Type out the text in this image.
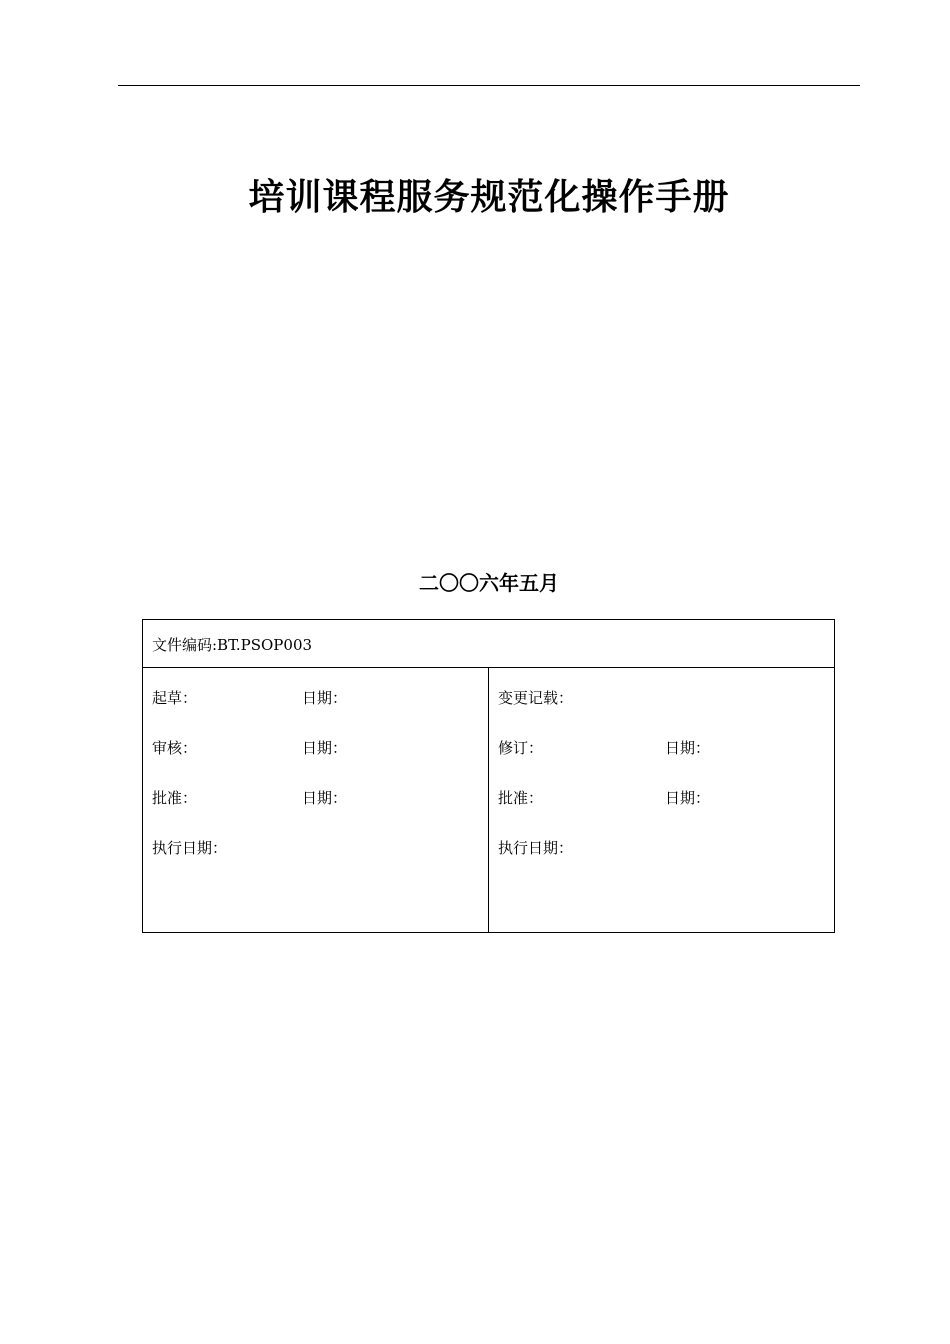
培训课程服务规范化操作手册
二〇〇六年五月
文件编码:BT.PSOP003
起草：	日期：
审核：	日期：
批准：	日期：
执行日期：
变更记载：
修订：	日期：
批准：	日期：
执行日期：
